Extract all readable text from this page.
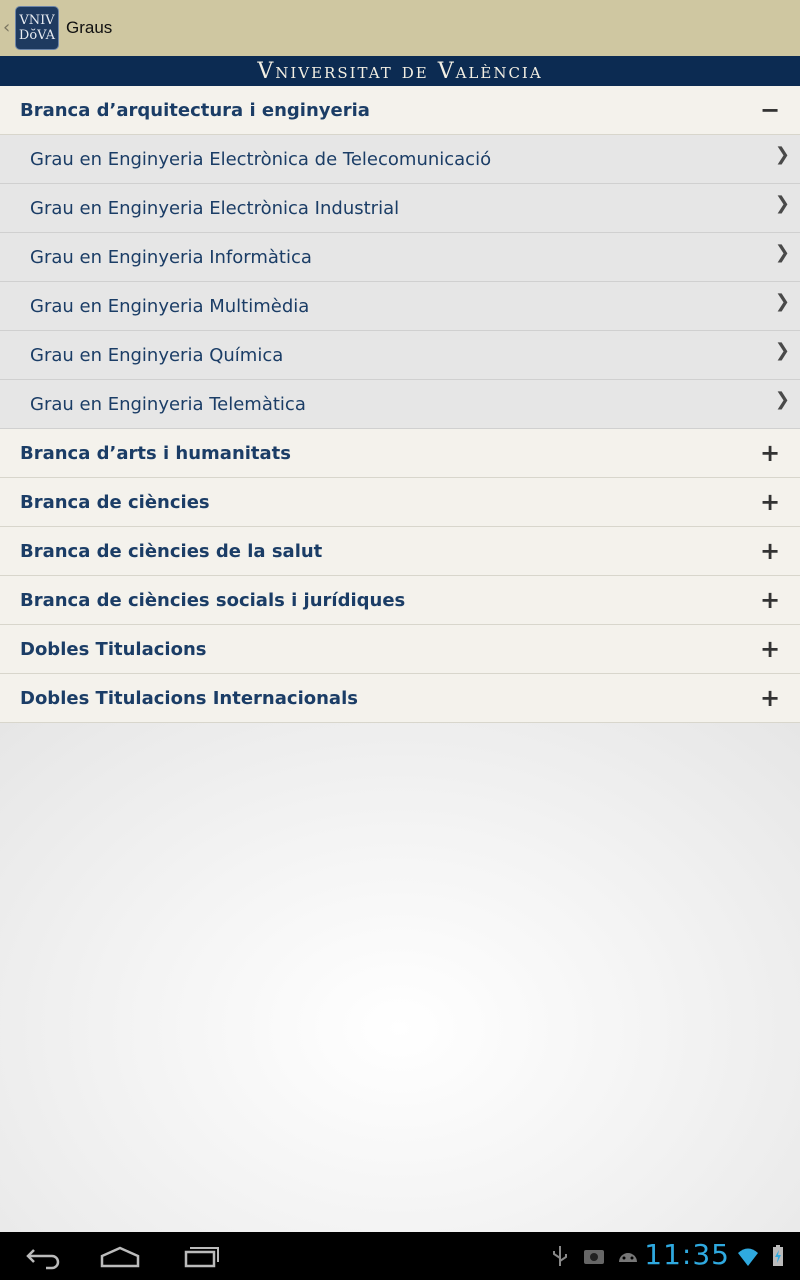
‹ VNIV
DŏVA Graus
Vniversitat de València
Branca d’arquitectura i enginyeria	−
Grau en Enginyeria Electrònica de Telecomunicació	❯
Grau en Enginyeria Electrònica Industrial	❯
Grau en Enginyeria Informàtica	❯
Grau en Enginyeria Multimèdia	❯
Grau en Enginyeria Química	❯
Grau en Enginyeria Telemàtica	❯
Branca d’arts i humanitats	+
Branca de ciències	+
Branca de ciències de la salut	+
Branca de ciències socials i jurídiques	+
Dobles Titulacions	+
Dobles Titulacions Internacionals	+
11:35
